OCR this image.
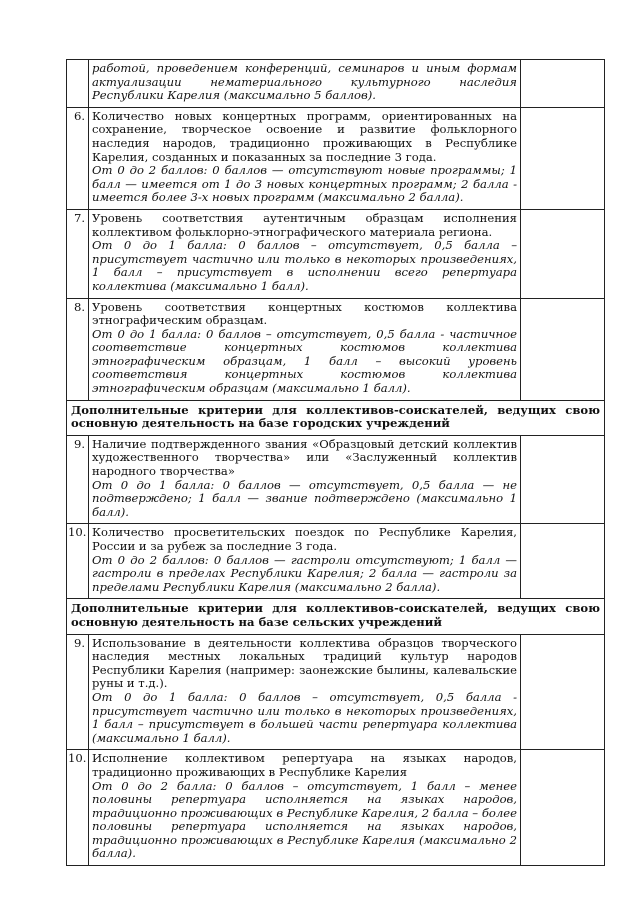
	работой, проведением конференций, семинаров и иным формам актуализации нематериального культурного наследия Республики Карелия (максимально 5 баллов).	

6.	Количество новых концертных программ, ориентированных на сохранение, творческое освоение и развитие фольклорного наследия народов, традиционно проживающих в Республике Карелия, созданных и показанных за последние 3 года.
От 0 до 2 баллов: 0 баллов — отсутствуют новые программы; 1 балл — имеется от 1 до 3 новых концертных программ; 2 балла - имеется более 3-х новых программ (максимально 2 балла).	

7.	Уровень соответствия аутентичным образцам исполнения коллективом фольклорно-этнографического материала региона.
От 0 до 1 балла: 0 баллов – отсутствует, 0,5 балла – присутствует частично или только в некоторых произведениях, 1 балл – присутствует в исполнении всего репертуара коллектива (максимально 1 балл).	

8.	Уровень соответствия концертных костюмов коллектива этнографическим образцам.
От 0 до 1 балла: 0 баллов – отсутствует, 0,5 балла - частичное соответствие концертных костюмов коллектива этнографическим образцам, 1 балл – высокий уровень соответствия концертных костюмов коллектива этнографическим образцам (максимально 1 балл).	

Дополнительные критерии для коллективов-соискателей, ведущих свою основную деятельность на базе городских учреждений		
9.	Наличие подтвержденного звания «Образцовый детский коллектив художественного творчества» или «Заслуженный коллектив народного творчества»
От 0 до 1 балла: 0 баллов — отсутствует, 0,5 балла — не подтверждено; 1 балл — звание подтверждено (максимально 1 балл).	

10.	Количество просветительских поездок по Республике Карелия, России и за рубеж за последние 3 года.
От 0 до 2 баллов: 0 баллов — гастроли отсутствуют; 1 балл — гастроли в пределах Республики Карелия; 2 балла — гастроли за пределами Республики Карелия (максимально 2 балла).	

Дополнительные критерии для коллективов-соискателей, ведущих свою основную деятельность на базе сельских учреждений		
9.	Использование в деятельности коллектива образцов творческого наследия местных локальных традиций культур народов Республики Карелия (например: заонежские былины, калевальские руны и т.д.).
От 0 до 1 балла: 0 баллов – отсутствует, 0,5 балла - присутствует частично или только в некоторых произведениях, 1 балл – присутствует в большей части репертуара коллектива (максимально 1 балл).	

10.	Исполнение коллективом репертуара на языках народов, традиционно проживающих в Республике Карелия
От 0 до 2 балла: 0 баллов – отсутствует, 1 балл – менее половины репертуара исполняется на языках народов, традиционно проживающих в Республике Карелия, 2 балла – более половины репертуара исполняется на языках народов, традиционно проживающих в Республике Карелия (максимально 2 балла).	
